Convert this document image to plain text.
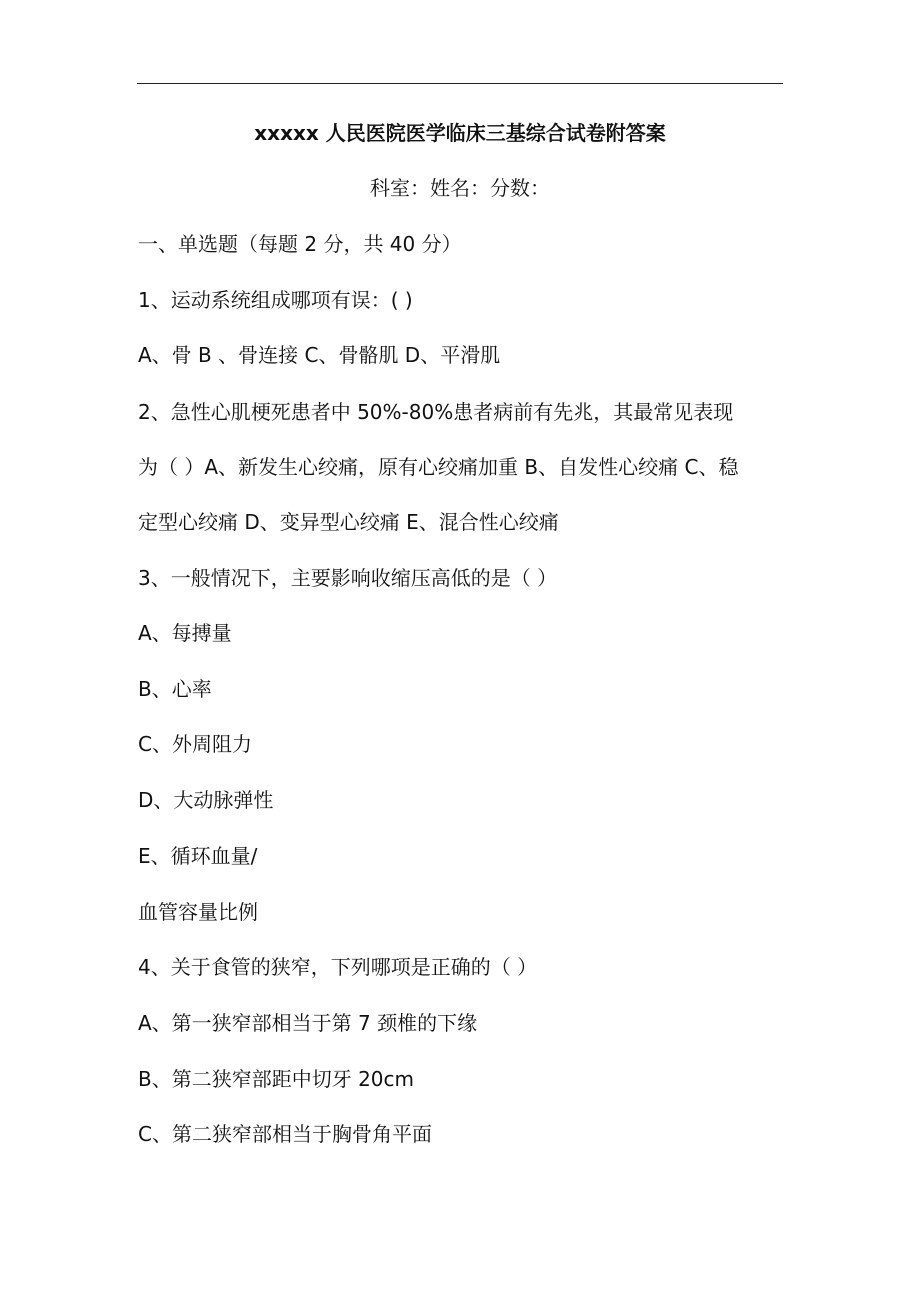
xxxxx 人民医院医学临床三基综合试卷附答案
科室：姓名：分数：
一、单选题（每题 2 分，共 40 分）
1、运动系统组成哪项有误：( )
A、骨 B 、骨连接 C、骨骼肌 D、平滑肌
2、急性心肌梗死患者中 50%-80%患者病前有先兆，其最常见表现
为（ ）A、新发生心绞痛，原有心绞痛加重 B、自发性心绞痛 C、稳
定型心绞痛 D、变异型心绞痛 E、混合性心绞痛
3、一般情况下，主要影响收缩压高低的是（ ）
A、每搏量
B、心率
C、外周阻力
D、大动脉弹性
E、循环血量/
血管容量比例
4、关于食管的狭窄，下列哪项是正确的（ ）
A、第一狭窄部相当于第 7 颈椎的下缘
B、第二狭窄部距中切牙 20cm
C、第二狭窄部相当于胸骨角平面
